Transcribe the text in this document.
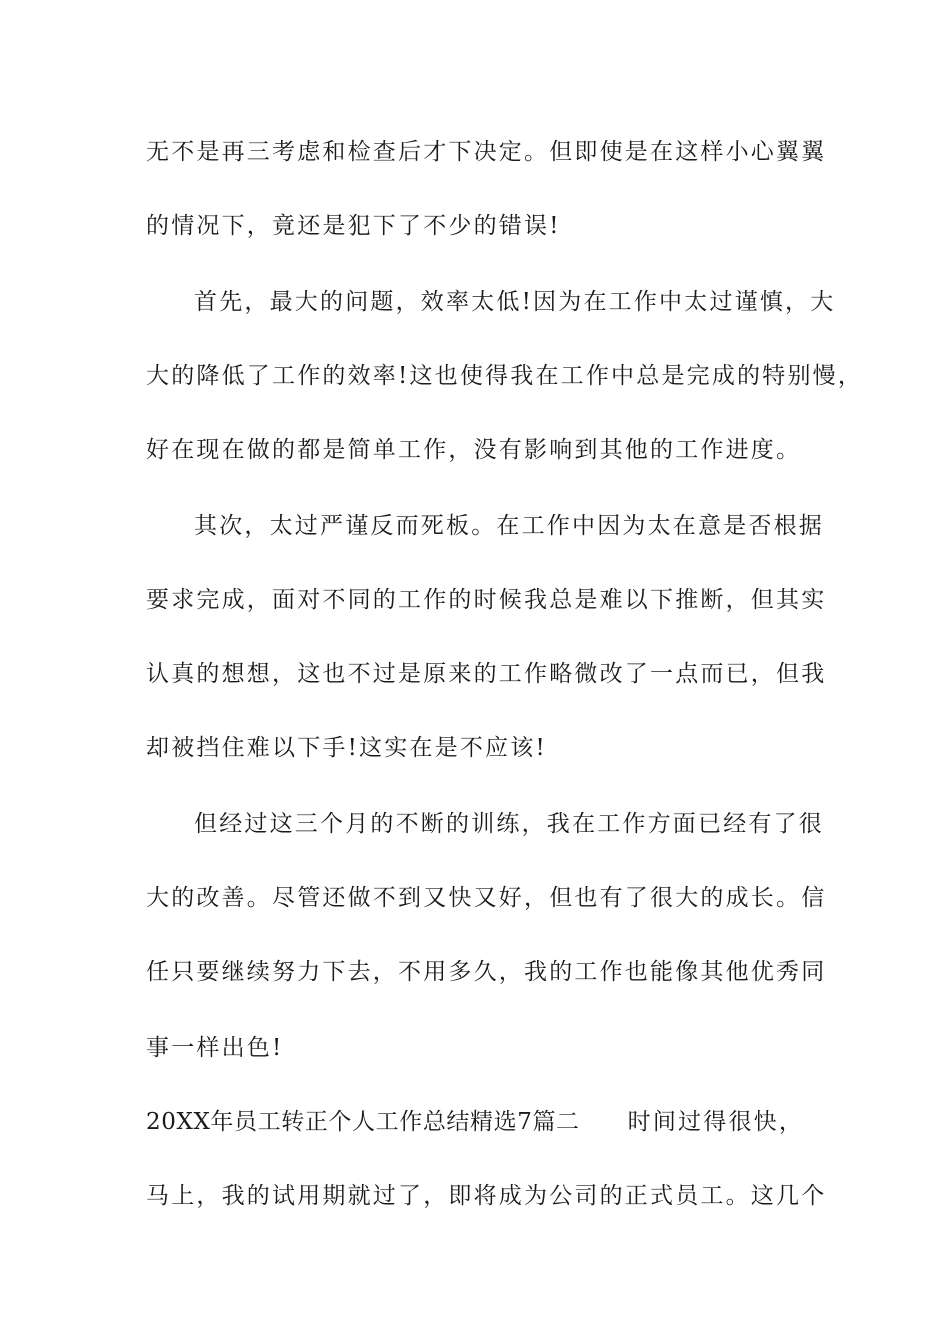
无不是再三考虑和检查后才下决定。但即使是在这样小心翼翼
的情况下，竟还是犯下了不少的错误!
首先，最大的问题，效率太低!因为在工作中太过谨慎，大
大的降低了工作的效率!这也使得我在工作中总是完成的特别慢，
好在现在做的都是简单工作，没有影响到其他的工作进度。
其次，太过严谨反而死板。在工作中因为太在意是否根据
要求完成，面对不同的工作的时候我总是难以下推断，但其实
认真的想想，这也不过是原来的工作略微改了一点而已，但我
却被挡住难以下手!这实在是不应该!
但经过这三个月的不断的训练，我在工作方面已经有了很
大的改善。尽管还做不到又快又好，但也有了很大的成长。信
任只要继续努力下去，不用多久，我的工作也能像其他优秀同
事一样出色!
20XX年员工转正个人工作总结精选7篇二 时间过得很快，
马上，我的试用期就过了，即将成为公司的正式员工。这几个
